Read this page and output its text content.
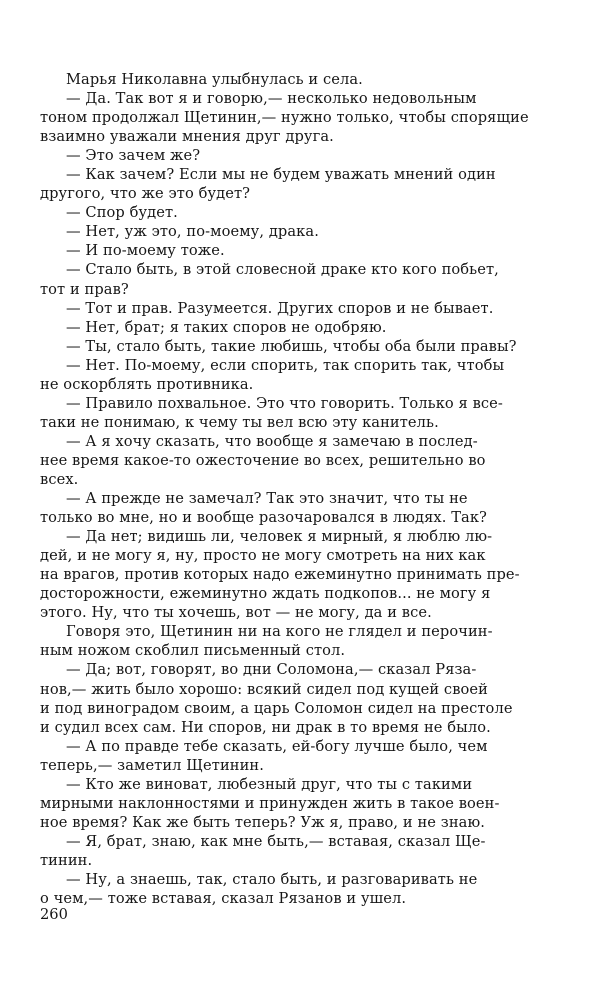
Марья Николавна улыбнулась и села.
— Да. Так вот я и говорю,— несколько недовольным
тоном продолжал Щетинин,— нужно только, чтобы спорящие
взаимно уважали мнения друг друга.
— Это зачем же?
— Как зачем? Если мы не будем уважать мнений один
другого, что же это будет?
— Спор будет.
— Нет, уж это, по-моему, драка.
— И по-моему тоже.
— Стало быть, в этой словесной драке кто кого побьет,
тот и прав?
— Тот и прав. Разумеется. Других споров и не бывает.
— Нет, брат; я таких споров не одобряю.
— Ты, стало быть, такие любишь, чтобы оба были правы?
— Нет. По-моему, если спорить, так спорить так, чтобы
не оскорблять противника.
— Правило похвальное. Это что говорить. Только я все-
таки не понимаю, к чему ты вел всю эту канитель.
— А я хочу сказать, что вообще я замечаю в послед-
нее время какое-то ожесточение во всех, решительно во
всех.
— А прежде не замечал? Так это значит, что ты не
только во мне, но и вообще разочаровался в людях. Так?
— Да нет; видишь ли, человек я мирный, я люблю лю-
дей, и не могу я, ну, просто не могу смотреть на них как
на врагов, против которых надо ежеминутно принимать пре-
досторожности, ежеминутно ждать подкопов... не могу я
этого. Ну, что ты хочешь, вот — не могу, да и все.
Говоря это, Щетинин ни на кого не глядел и перочин-
ным ножом скоблил письменный стол.
— Да; вот, говорят, во дни Соломона,— сказал Ряза-
нов,— жить было хорошо: всякий сидел под кущей своей
и под виноградом своим, а царь Соломон сидел на престоле
и судил всех сам. Ни споров, ни драк в то время не было.
— А по правде тебе сказать, ей-богу лучше было, чем
теперь,— заметил Щетинин.
— Кто же виноват, любезный друг, что ты с такими
мирными наклонностями и принужден жить в такое воен-
ное время? Как же быть теперь? Уж я, право, и не знаю.
— Я, брат, знаю, как мне быть,— вставая, сказал Ще-
тинин.
— Ну, а знаешь, так, стало быть, и разговаривать не
о чем,— тоже вставая, сказал Рязанов и ушел.
260
